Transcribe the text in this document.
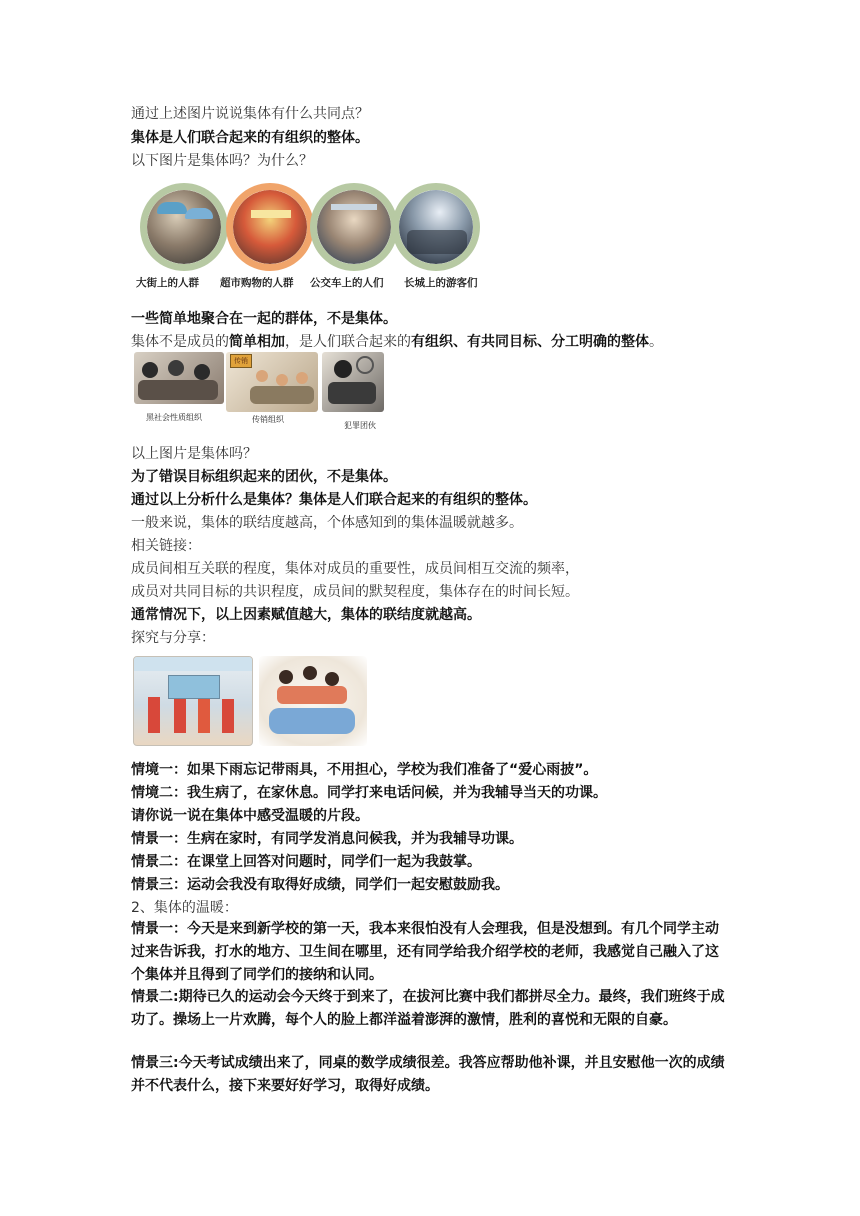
通过上述图片说说集体有什么共同点？
集体是人们联合起来的有组织的整体。
以下图片是集体吗？为什么？
大街上的人群 超市购物的人群 公交车上的人们 长城上的游客们
一些简单地聚合在一起的群体，不是集体。
集体不是成员的简单相加，是人们联合起来的有组织、有共同目标、分工明确的整体。
传销
黑社会性质组织	传销组织
犯罪团伙
以上图片是集体吗？
为了错误目标组织起来的团伙，不是集体。
通过以上分析什么是集体？集体是人们联合起来的有组织的整体。
一般来说，集体的联结度越高，个体感知到的集体温暖就越多。
相关链接：
成员间相互关联的程度，集体对成员的重要性，成员间相互交流的频率，
成员对共同目标的共识程度，成员间的默契程度，集体存在的时间长短。
通常情况下，以上因素赋值越大，集体的联结度就越高。
探究与分享：
情境一：如果下雨忘记带雨具，不用担心，学校为我们准备了“爱心雨披”。
情境二：我生病了，在家休息。同学打来电话问候，并为我辅导当天的功课。
请你说一说在集体中感受温暖的片段。
情景一：生病在家时，有同学发消息问候我，并为我辅导功课。
情景二：在课堂上回答对问题时，同学们一起为我鼓掌。
情景三：运动会我没有取得好成绩，同学们一起安慰鼓励我。
2、集体的温暖：
情景一：今天是来到新学校的第一天，我本来很怕没有人会理我，但是没想到。有几个同学主动过来告诉我，打水的地方、卫生间在哪里，还有同学给我介绍学校的老师，我感觉自己融入了这个集体并且得到了同学们的接纳和认同。
情景二:期待已久的运动会今天终于到来了，在拔河比赛中我们都拼尽全力。最终，我们班终于成功了。操场上一片欢腾，每个人的脸上都洋溢着澎湃的激情，胜利的喜悦和无限的自豪。
情景三:今天考试成绩出来了，同桌的数学成绩很差。我答应帮助他补课，并且安慰他一次的成绩并不代表什么，接下来要好好学习，取得好成绩。
